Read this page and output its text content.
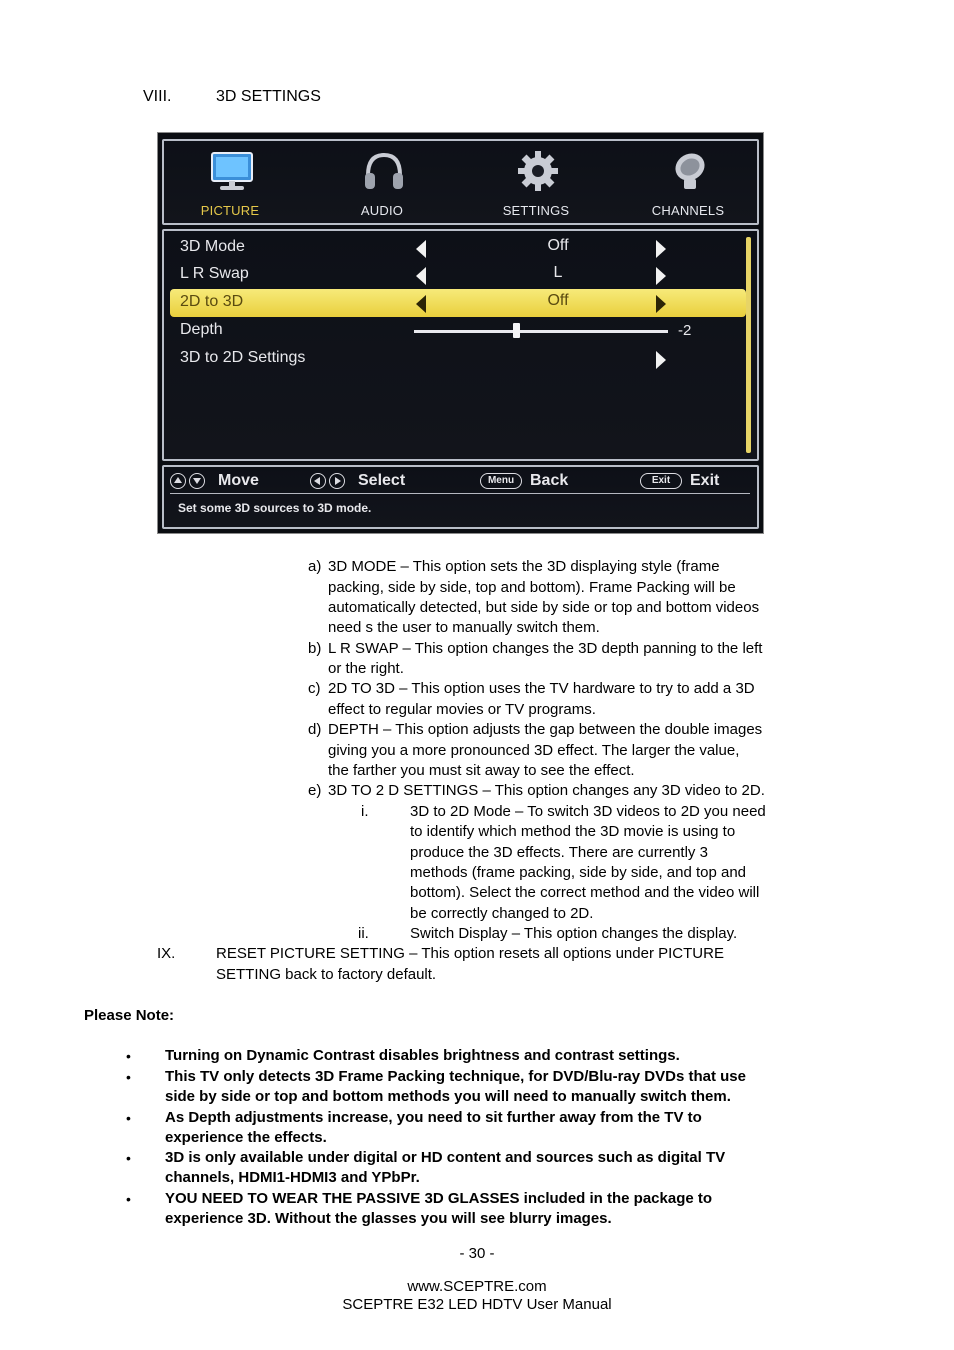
VIII.	3D SETTINGS
PICTURE	AUDIO	SETTINGS	CHANNELS
3D Mode	Off
L R Swap	L
2D to 3D	Off
Depth	-2
3D to 2D Settings
Move	Select	Menu Back	Exit	Exit
Set some 3D sources to 3D mode.
a) 3D MODE – This option sets the 3D displaying style (frame
packing, side by side, top and bottom). Frame Packing will be
automatically detected, but side by side or top and bottom videos
need s the user to manually switch them.
b) L R SWAP – This option changes the 3D depth panning to the left
or the right.
c) 2D TO 3D – This option uses the TV hardware to try to add a 3D
effect to regular movies or TV programs.
d) DEPTH – This option adjusts the gap between the double images
giving you a more pronounced 3D effect. The larger the value,
the farther you must sit away to see the effect.
e) 3D TO 2 D SETTINGS – This option changes any 3D video to 2D.
i.	3D to 2D Mode – To switch 3D videos to 2D you need
to identify which method the 3D movie is using to
produce the 3D effects. There are currently 3
methods (frame packing, side by side, and top and
bottom). Select the correct method and the video will
be correctly changed to 2D.
ii.	Switch Display – This option changes the display.
IX.	RESET PICTURE SETTING – This option resets all options under PICTURE
SETTING back to factory default.
Please Note:
• Turning on Dynamic Contrast disables brightness and contrast settings.
• This TV only detects 3D Frame Packing technique, for DVD/Blu-ray DVDs that use
side by side or top and bottom methods you will need to manually switch them.
• As Depth adjustments increase, you need to sit further away from the TV to
experience the effects.
• 3D is only available under digital or HD content and sources such as digital TV
channels, HDMI1-HDMI3 and YPbPr.
• YOU NEED TO WEAR THE PASSIVE 3D GLASSES included in the package to
experience 3D. Without the glasses you will see blurry images.
- 30 -
www.SCEPTRE.com
SCEPTRE E32 LED HDTV User Manual
